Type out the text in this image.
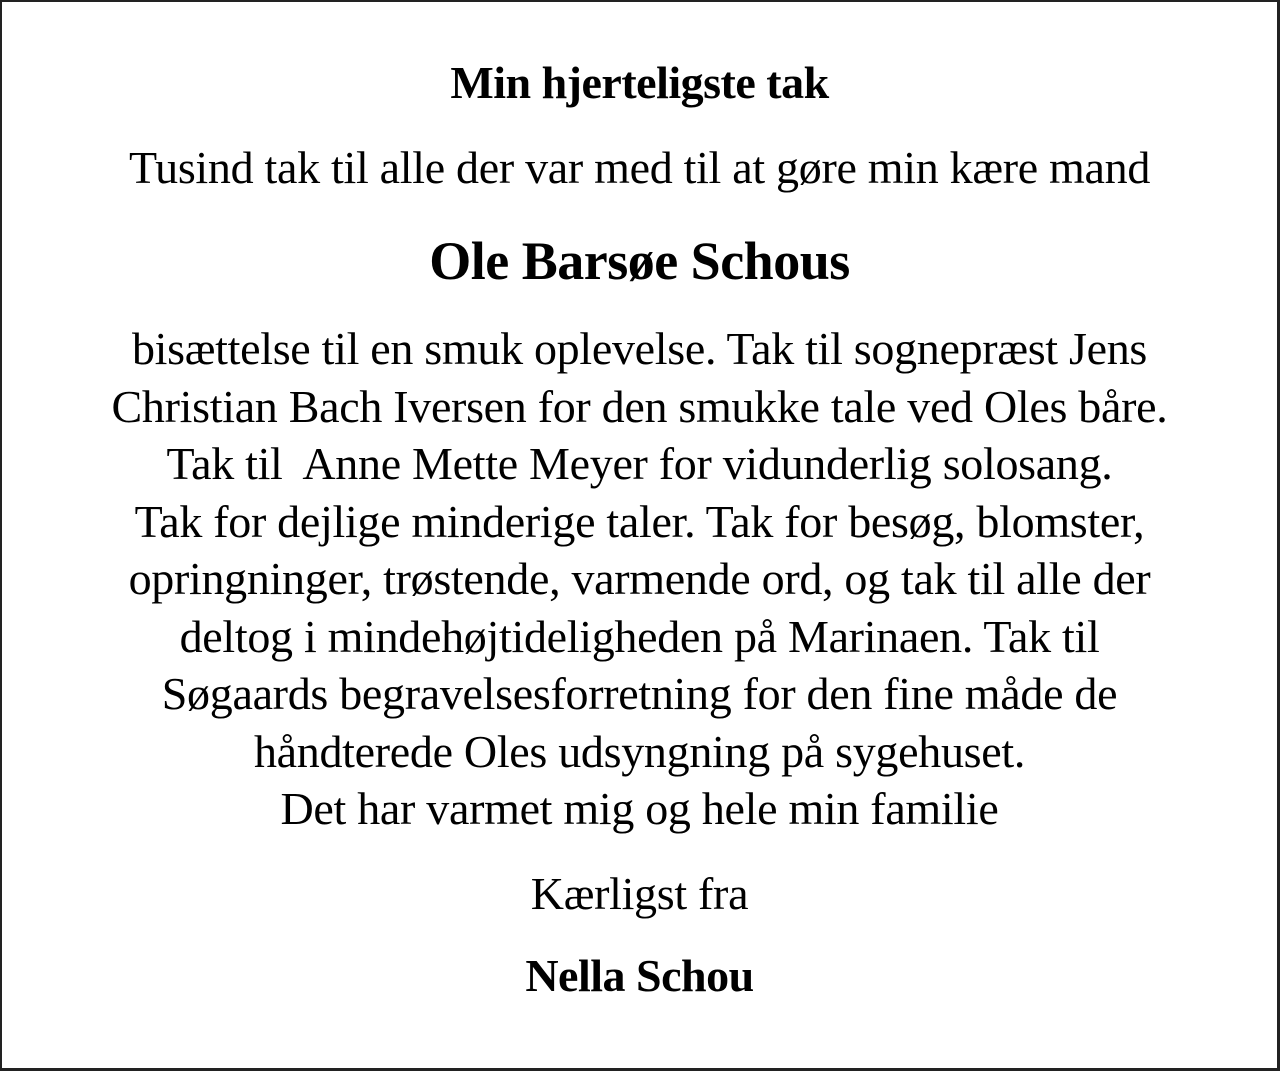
Min hjerteligste tak
Tusind tak til alle der var med til at gøre min kære mand
Ole Barsøe Schous
bisættelse til en smuk oplevelse. Tak til sognepræst Jens
Christian Bach Iversen for den smukke tale ved Oles båre.
Tak til  Anne Mette Meyer for vidunderlig solosang.
Tak for dejlige minderige taler. Tak for besøg, blomster,
opringninger, trøstende, varmende ord, og tak til alle der
deltog i mindehøjtideligheden på Marinaen. Tak til
Søgaards begravelsesforretning for den fine måde de
håndterede Oles udsyngning på sygehuset.
Det har varmet mig og hele min familie
Kærligst fra
Nella Schou
